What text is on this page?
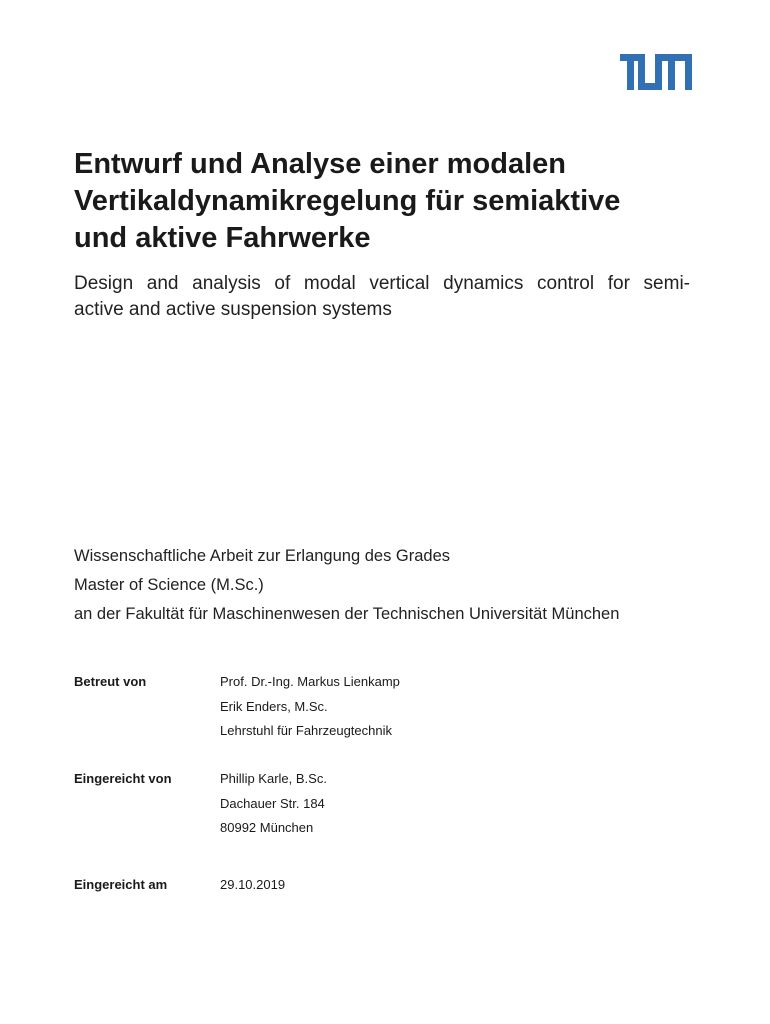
Entwurf und Analyse einer modalen
Vertikaldynamikregelung für semiaktive
und aktive Fahrwerke

Design and analysis of modal vertical dynamics control for semi-
active and active suspension systems

Wissenschaftliche Arbeit zur Erlangung des Grades
Master of Science (M.Sc.)
an der Fakultät für Maschinenwesen der Technischen Universität München
Betreut von	Prof. Dr.-Ing. Markus Lienkamp
Erik Enders, M.Sc.
Lehrstuhl für Fahrzeugtechnik
Eingereicht von	Phillip Karle, B.Sc.
Dachauer Str. 184
80992 München
Eingereicht am	29.10.2019
